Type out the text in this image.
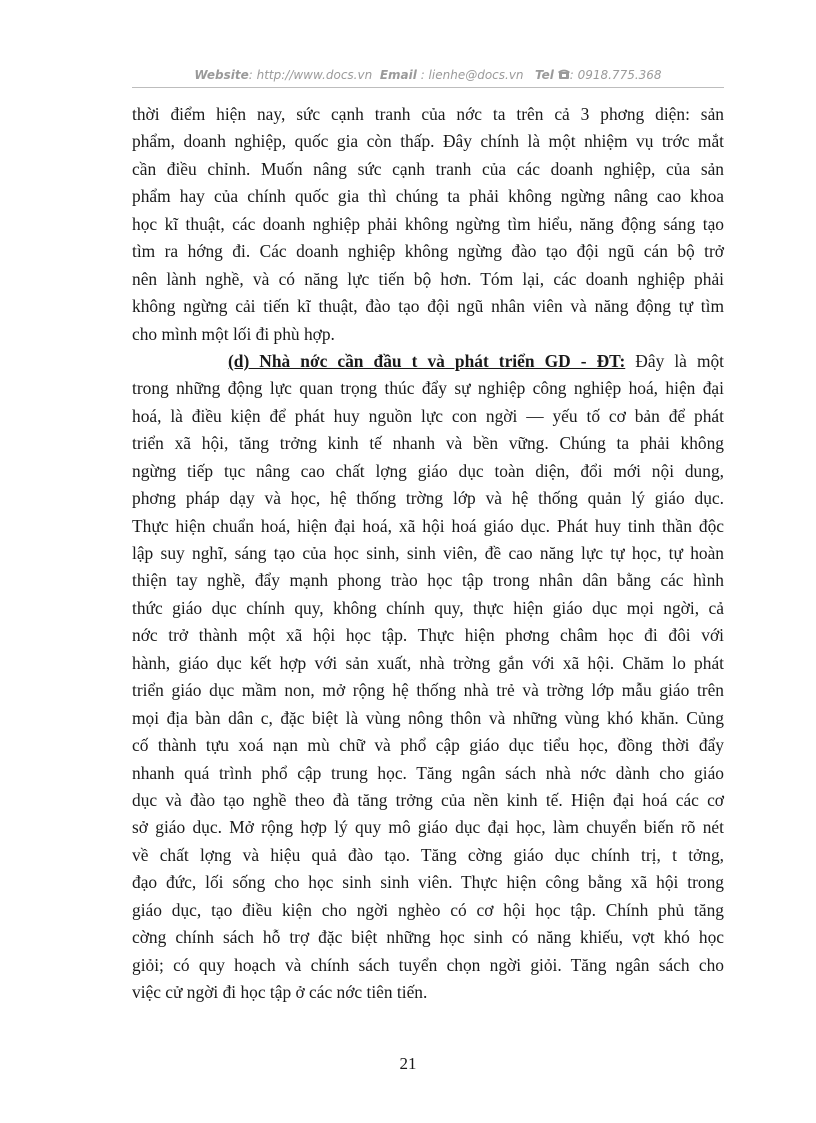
Website: http://www.docs.vn Email : lienhe@docs.vn Tel : 0918.775.368
thời điểm hiện nay, sức cạnh tranh của nớc ta trên cả 3 phơng diện: sản
phẩm, doanh nghiệp, quốc gia còn thấp. Đây chính là một nhiệm vụ trớc mắt
cần điều chỉnh. Muốn nâng sức cạnh tranh của các doanh nghiệp, của sản
phẩm hay của chính quốc gia thì chúng ta phải không ngừng nâng cao khoa
học kĩ thuật, các doanh nghiệp phải không ngừng tìm hiểu, năng động sáng tạo
tìm ra hớng đi. Các doanh nghiệp không ngừng đào tạo đội ngũ cán bộ trở
nên lành nghề, và có năng lực tiến bộ hơn. Tóm lại, các doanh nghiệp phải
không ngừng cải tiến kĩ thuật, đào tạo đội ngũ nhân viên và năng động tự tìm
cho mình một lối đi phù hợp.
(d) Nhà nớc cần đầu t và phát triển GD - ĐT: Đây là một
trong những động lực quan trọng thúc đẩy sự nghiệp công nghiệp hoá, hiện đại
hoá, là điều kiện để phát huy nguồn lực con ngời — yếu tố cơ bản để phát
triển xã hội, tăng trởng kinh tế nhanh và bền vững. Chúng ta phải không
ngừng tiếp tục nâng cao chất lợng giáo dục toàn diện, đổi mới nội dung,
phơng pháp dạy và học, hệ thống trờng lớp và hệ thống quản lý giáo dục.
Thực hiện chuẩn hoá, hiện đại hoá, xã hội hoá giáo dục. Phát huy tinh thần độc
lập suy nghĩ, sáng tạo của học sinh, sinh viên, đề cao năng lực tự học, tự hoàn
thiện tay nghề, đẩy mạnh phong trào học tập trong nhân dân bằng các hình
thức giáo dục chính quy, không chính quy, thực hiện giáo dục mọi ngời, cả
nớc trở thành một xã hội học tập. Thực hiện phơng châm học đi đôi với
hành, giáo dục kết hợp với sản xuất, nhà trờng gắn với xã hội. Chăm lo phát
triển giáo dục mầm non, mở rộng hệ thống nhà trẻ và trờng lớp mẫu giáo trên
mọi địa bàn dân c, đặc biệt là vùng nông thôn và những vùng khó khăn. Củng
cố thành tựu xoá nạn mù chữ và phổ cập giáo dục tiểu học, đồng thời đẩy
nhanh quá trình phổ cập trung học. Tăng ngân sách nhà nớc dành cho giáo
dục và đào tạo nghề theo đà tăng trởng của nền kinh tế. Hiện đại hoá các cơ
sở giáo dục. Mở rộng hợp lý quy mô giáo dục đại học, làm chuyển biến rõ nét
về chất lợng và hiệu quả đào tạo. Tăng cờng giáo dục chính trị, t tởng,
đạo đức, lối sống cho học sinh sinh viên. Thực hiện công bằng xã hội trong
giáo dục, tạo điều kiện cho ngời nghèo có cơ hội học tập. Chính phủ tăng
cờng chính sách hỗ trợ đặc biệt những học sinh có năng khiếu, vợt khó học
giỏi; có quy hoạch và chính sách tuyển chọn ngời giỏi. Tăng ngân sách cho
việc cử ngời đi học tập ở các nớc tiên tiến.
21
